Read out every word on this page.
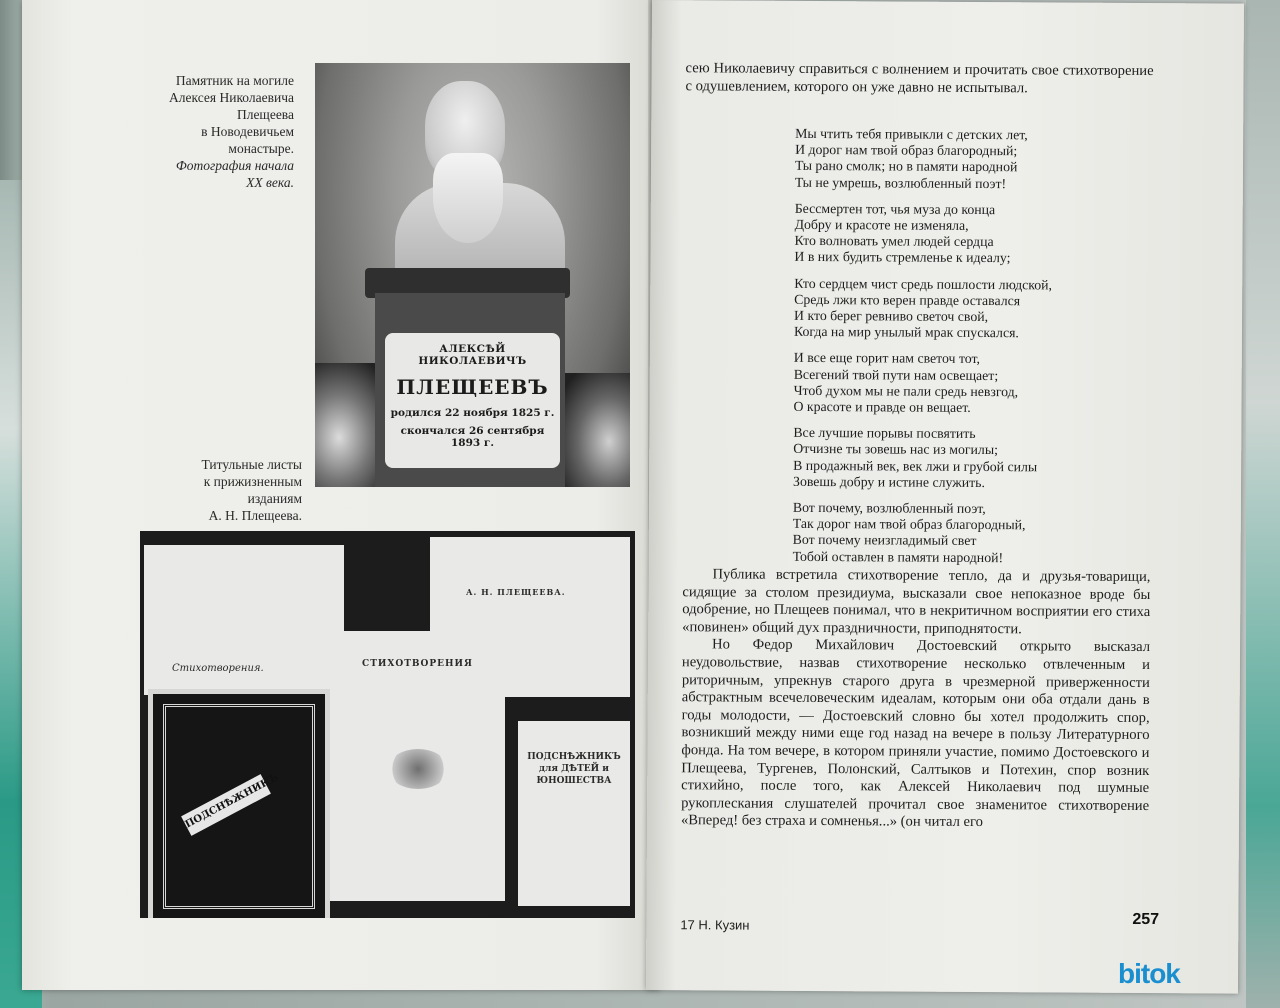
Памятник на могиле
Алексея Николаевича
Плещеева
в Новодевичьем
монастыре.
Фотография начала
XX века.
АЛЕКСѢЙ НИКОЛАЕВИЧЪ
ПЛЕЩЕЕВЪ
родился 22 ноября 1825 г.
скончался 26 сентября 1893 г.
Титульные листы
к прижизненным
изданиям
А. Н. Плещеева.
Стихотворения.
А. Н. ПЛЕЩЕЕВА.
СТИХОТВОРЕНИЯ
ПОДСНѢЖНИКЪ для ДѢТЕЙ и ЮНОШЕСТВА
ПОДСНѢЖНИКЪ

сею Николаевичу справиться с волнением и прочитать свое стихотворение с одушевлением, которого он уже давно не испытывал.

Мы чтить тебя привыкли с детских лет,
И дорог нам твой образ благородный;
Ты рано смолк; но в памяти народной
Ты не умрешь, возлюбленный поэт!
Бессмертен тот, чья муза до конца
Добру и красоте не изменяла,
Кто волновать умел людей сердца
И в них будить стремленье к идеалу;
Кто сердцем чист средь пошлости людской,
Средь лжи кто верен правде оставался
И кто берег ревниво светоч свой,
Когда на мир унылый мрак спускался.
И все еще горит нам светоч тот,
Всегений твой пути нам освещает;
Чтоб духом мы не пали средь невзгод,
О красоте и правде он вещает.
Все лучшие порывы посвятить
Отчизне ты зовешь нас из могилы;
В продажный век, век лжи и грубой силы
Зовешь добру и истине служить.
Вот почему, возлюбленный поэт,
Так дорог нам твой образ благородный,
Вот почему неизгладимый свет
Тобой оставлен в памяти народной!

Публика встретила стихотворение тепло, да и друзья-товарищи, сидящие за столом президиума, высказали свое непоказное вроде бы одобрение, но Плещеев понимал, что в некритичном восприятии его стиха «повинен» общий дух праздничности, приподнятости.

Но Федор Михайлович Достоевский открыто высказал неудовольствие, назвав стихотворение несколько отвлеченным и риторичным, упрекнув старого друга в чрезмерной приверженности абстрактным всечеловеческим идеалам, которым они оба отдали дань в годы молодости, — Достоевский словно бы хотел продолжить спор, возникший между ними еще год назад на вечере в пользу Литературного фонда. На том вечере, в котором приняли участие, помимо Достоевского и Плещеева, Тургенев, Полонский, Салтыков и Потехин, спор возник стихийно, после того, как Алексей Николаевич под шумные рукоплескания слушателей прочитал свое знаменитое стихотворение «Вперед! без страха и сомненья...» (он читал его

17 Н. Кузин	257
bitok
